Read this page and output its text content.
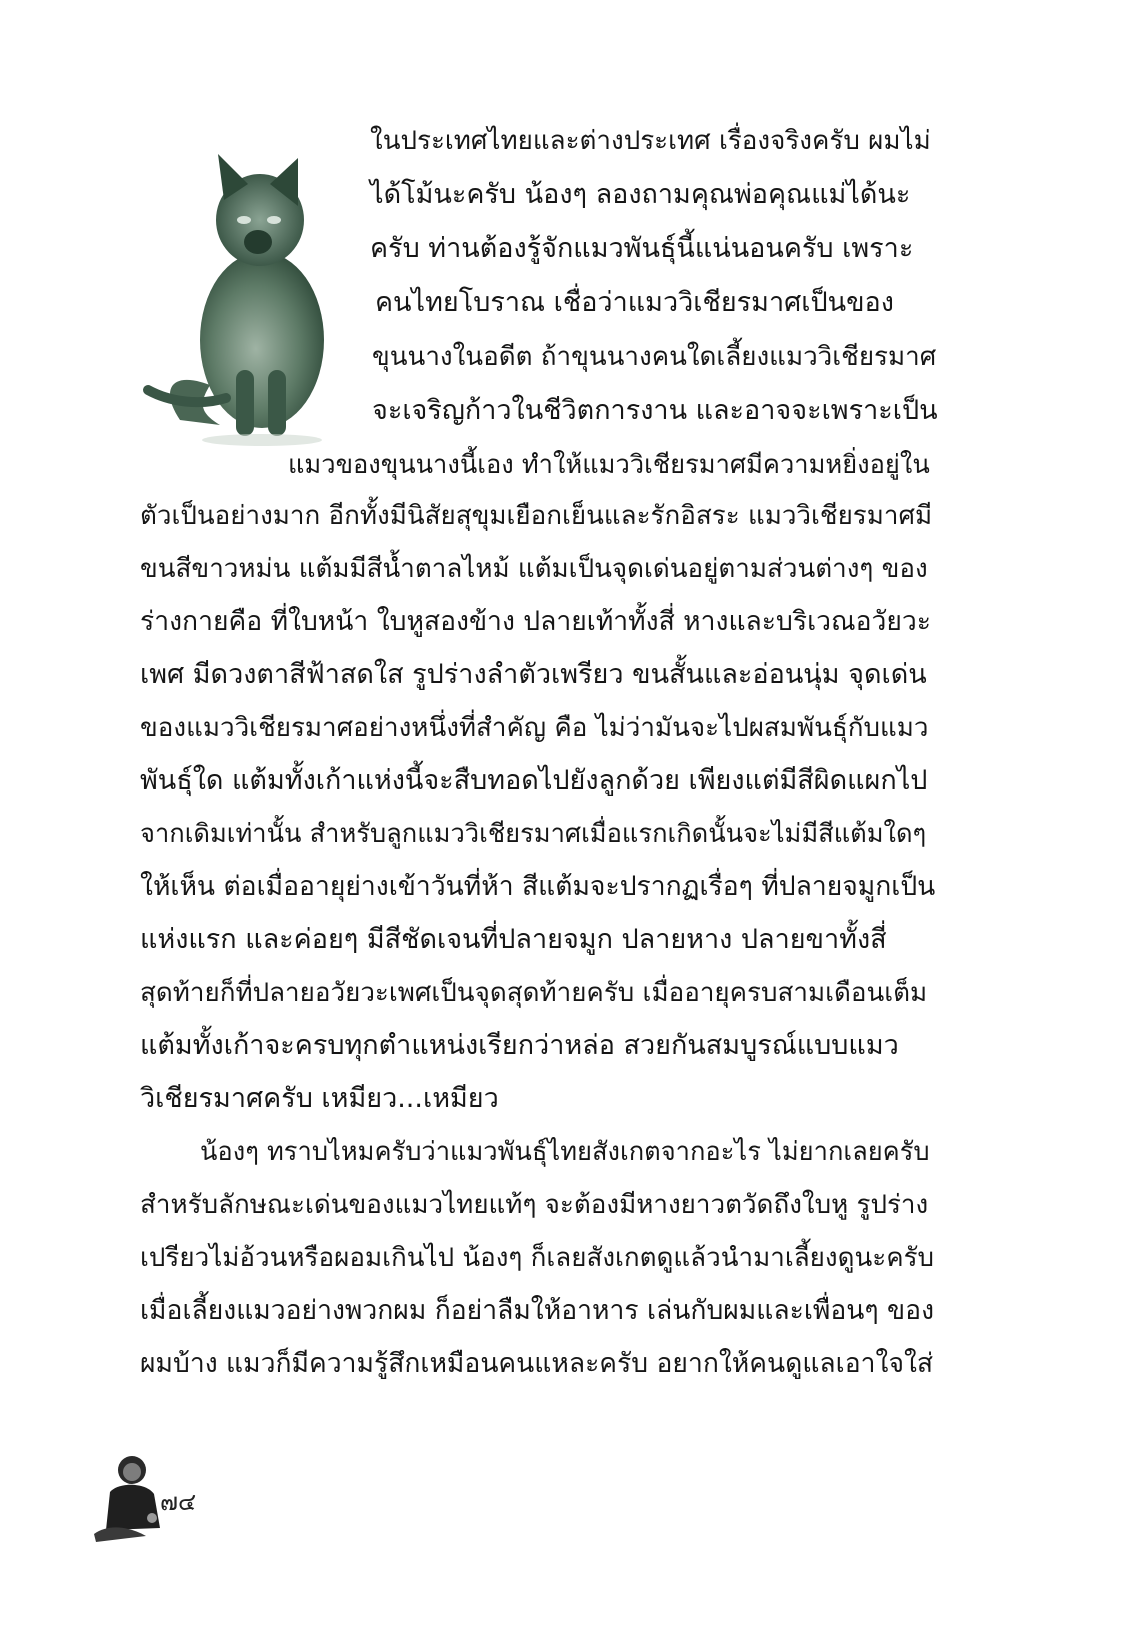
ในประเทศไทยและต่างประเทศ เรื่องจริงครับ ผมไม่

ได้โม้นะครับ น้องๆ ลองถามคุณพ่อคุณแม่ได้นะ

ครับ ท่านต้องรู้จักแมวพันธุ์นี้แน่นอนครับ เพราะ

คนไทยโบราณ เชื่อว่าแมววิเชียรมาศเป็นของ

ขุนนางในอดีต ถ้าขุนนางคนใดเลี้ยงแมววิเชียรมาศ

จะเจริญก้าวในชีวิตการงาน และอาจจะเพราะเป็น

แมวของขุนนางนี้เอง ทำให้แมววิเชียรมาศมีความหยิ่งอยู่ใน

ตัวเป็นอย่างมาก อีกทั้งมีนิสัยสุขุมเยือกเย็นและรักอิสระ แมววิเชียรมาศมี

ขนสีขาวหม่น แต้มมีสีน้ำตาลไหม้ แต้มเป็นจุดเด่นอยู่ตามส่วนต่างๆ ของ

ร่างกายคือ ที่ใบหน้า ใบหูสองข้าง ปลายเท้าทั้งสี่ หางและบริเวณอวัยวะ

เพศ มีดวงตาสีฟ้าสดใส รูปร่างลำตัวเพรียว ขนสั้นและอ่อนนุ่ม จุดเด่น

ของแมววิเชียรมาศอย่างหนึ่งที่สำคัญ คือ ไม่ว่ามันจะไปผสมพันธุ์กับแมว

พันธุ์ใด แต้มทั้งเก้าแห่งนี้จะสืบทอดไปยังลูกด้วย เพียงแต่มีสีผิดแผกไป

จากเดิมเท่านั้น สำหรับลูกแมววิเชียรมาศเมื่อแรกเกิดนั้นจะไม่มีสีแต้มใดๆ

ให้เห็น ต่อเมื่ออายุย่างเข้าวันที่ห้า สีแต้มจะปรากฏเรื่อๆ ที่ปลายจมูกเป็น

แห่งแรก และค่อยๆ มีสีชัดเจนที่ปลายจมูก ปลายหาง ปลายขาทั้งสี่

สุดท้ายก็ที่ปลายอวัยวะเพศเป็นจุดสุดท้ายครับ เมื่ออายุครบสามเดือนเต็ม

แต้มทั้งเก้าจะครบทุกตำแหน่งเรียกว่าหล่อ สวยกันสมบูรณ์แบบแมว

วิเชียรมาศครับ เหมียว...เหมียว

น้องๆ ทราบไหมครับว่าแมวพันธุ์ไทยสังเกตจากอะไร ไม่ยากเลยครับ

สำหรับลักษณะเด่นของแมวไทยแท้ๆ จะต้องมีหางยาวตวัดถึงใบหู รูปร่าง

เปรียวไม่อ้วนหรือผอมเกินไป น้องๆ ก็เลยสังเกตดูแล้วนำมาเลี้ยงดูนะครับ

เมื่อเลี้ยงแมวอย่างพวกผม ก็อย่าลืมให้อาหาร เล่นกับผมและเพื่อนๆ ของ

ผมบ้าง แมวก็มีความรู้สึกเหมือนคนแหละครับ อยากให้คนดูแลเอาใจใส่

๗๔
